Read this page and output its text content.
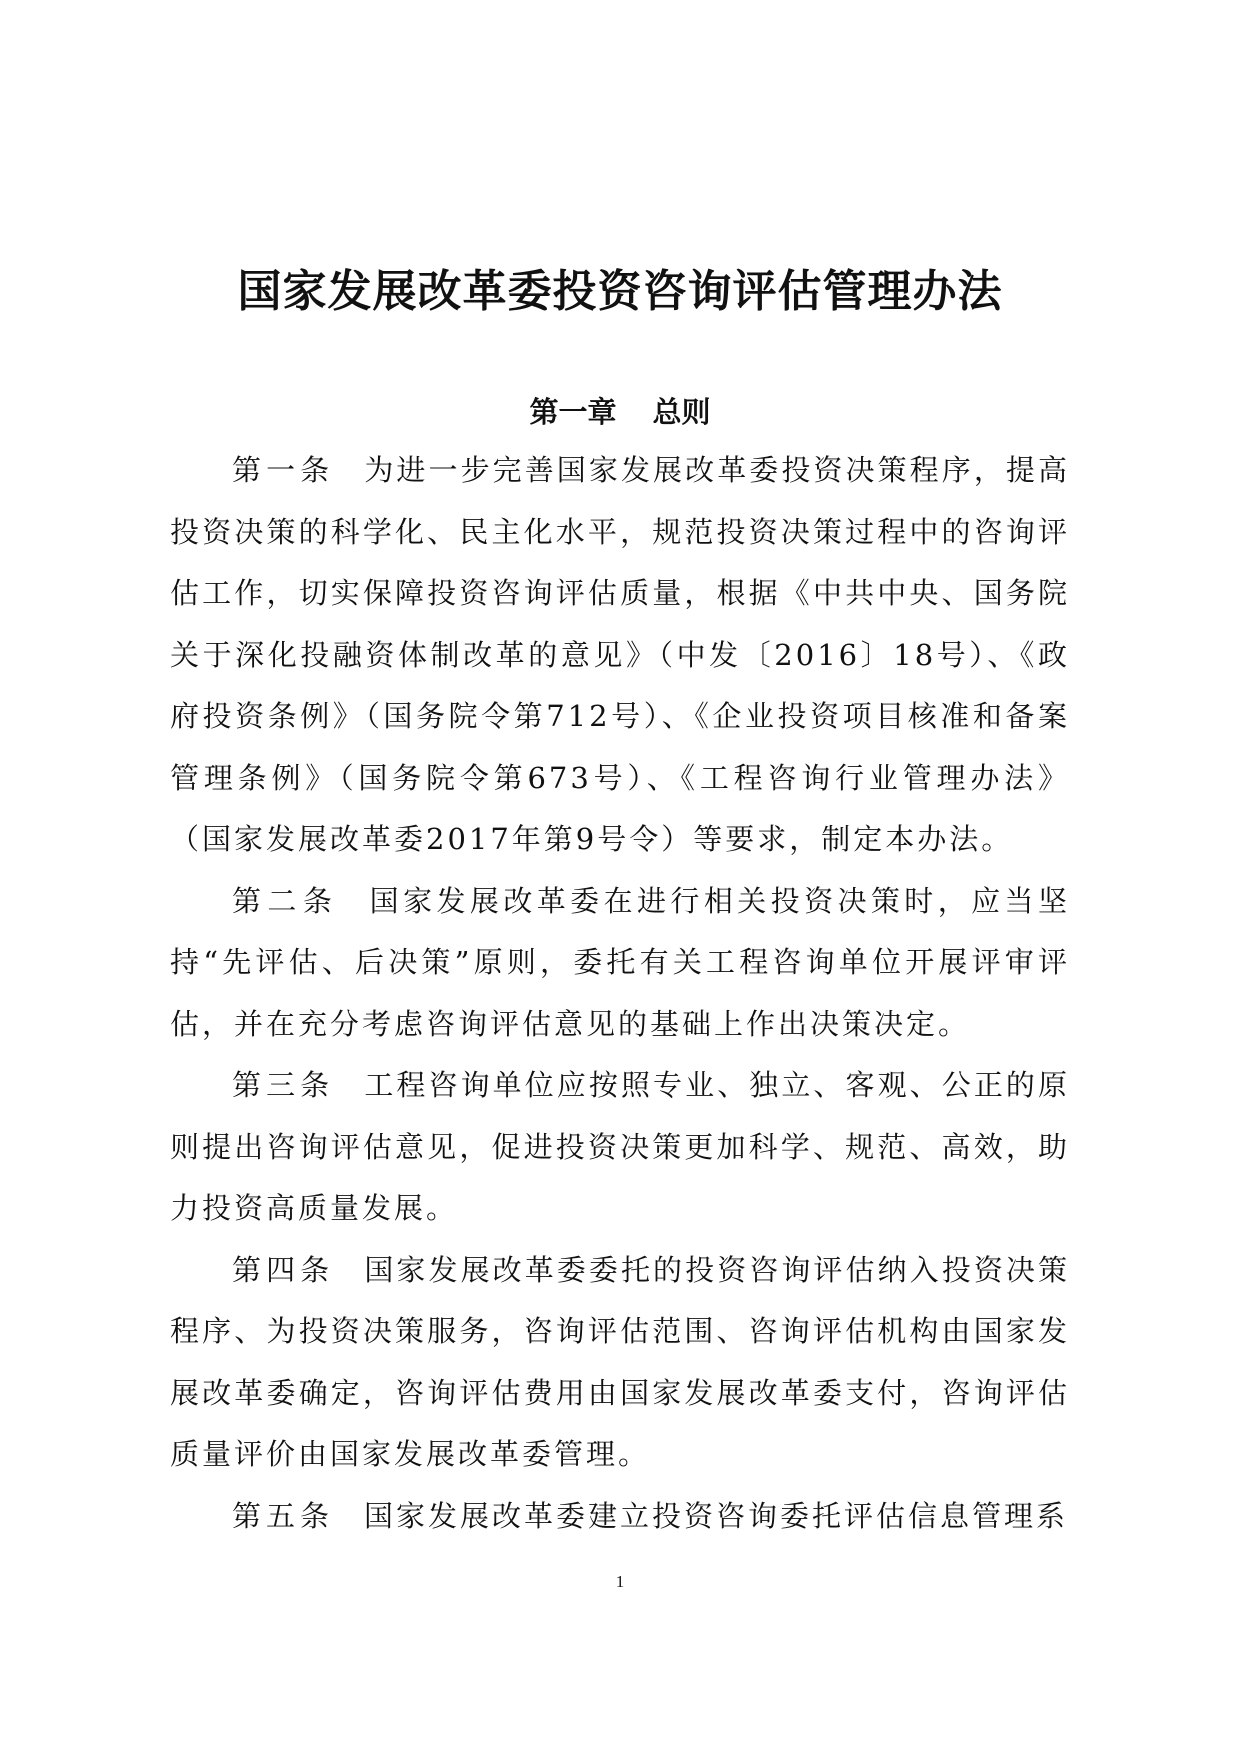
国家发展改革委投资咨询评估管理办法
第一章 总则

第一条 为进一步完善国家发展改革委投资决策程序，提高投资决策的科学化、民主化水平，规范投资决策过程中的咨询评估工作，切实保障投资咨询评估质量，根据《中共中央、国务院关于深化投融资体制改革的意见》（中发〔2016〕18号）、《政府投资条例》（国务院令第712号）、《企业投资项目核准和备案管理条例》（国务院令第673号）、《工程咨询行业管理办法》（国家发展改革委2017年第9号令）等要求，制定本办法。

第二条 国家发展改革委在进行相关投资决策时，应当坚持“先评估、后决策”原则，委托有关工程咨询单位开展评审评估，并在充分考虑咨询评估意见的基础上作出决策决定。

第三条 工程咨询单位应按照专业、独立、客观、公正的原则提出咨询评估意见，促进投资决策更加科学、规范、高效，助力投资高质量发展。

第四条 国家发展改革委委托的投资咨询评估纳入投资决策程序、为投资决策服务，咨询评估范围、咨询评估机构由国家发展改革委确定，咨询评估费用由国家发展改革委支付，咨询评估质量评价由国家发展改革委管理。

第五条 国家发展改革委建立投资咨询委托评估信息管理系

1
